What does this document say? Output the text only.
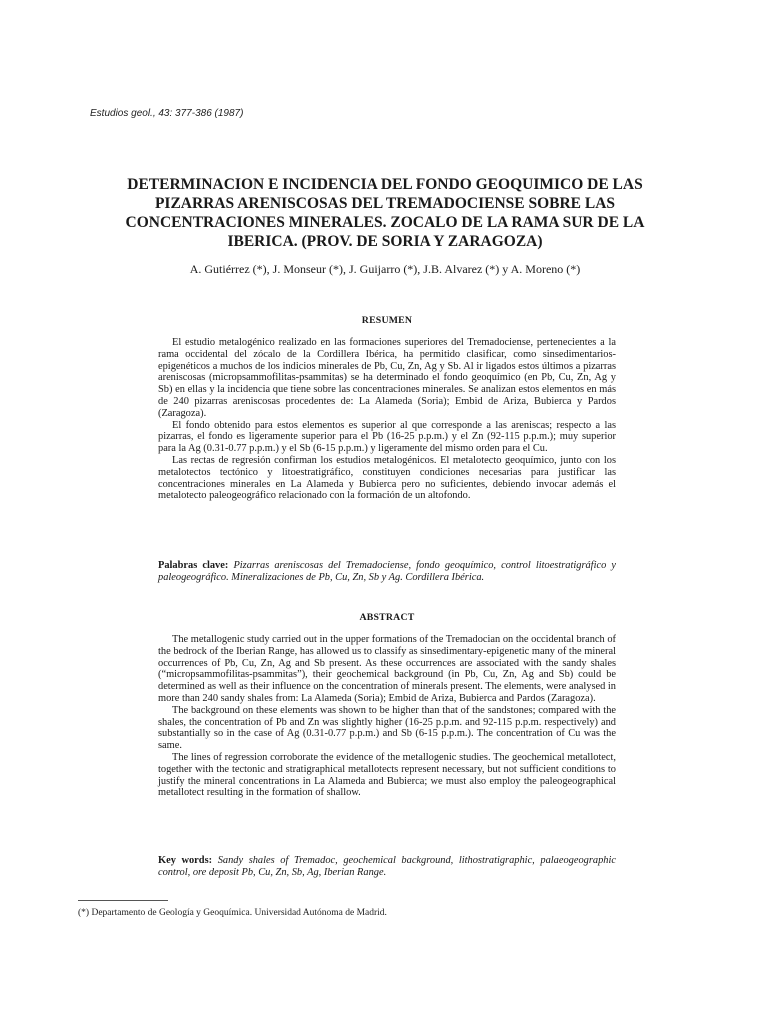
Estudios geol., 43: 377-386 (1987)
DETERMINACION E INCIDENCIA DEL FONDO GEOQUIMICO DE LAS PIZARRAS ARENISCOSAS DEL TREMADOCIENSE SOBRE LAS CONCENTRACIONES MINERALES. ZOCALO DE LA RAMA SUR DE LA IBERICA. (PROV. DE SORIA Y ZARAGOZA)
A. Gutiérrez (*), J. Monseur (*), J. Guijarro (*), J.B. Alvarez (*) y A. Moreno (*)
RESUMEN

El estudio metalogénico realizado en las formaciones superiores del Tremadociense, pertenecientes a la rama occidental del zócalo de la Cordillera Ibérica, ha permitido clasificar, como sinsedimentarios-epigenéticos a muchos de los indicios minerales de Pb, Cu, Zn, Ag y Sb. Al ir ligados estos últimos a pizarras areniscosas (micropsammofilitas-psammitas) se ha determinado el fondo geoquímico (en Pb, Cu, Zn, Ag y Sb) en ellas y la incidencia que tiene sobre las concentraciones minerales. Se analizan estos elementos en más de 240 pizarras areniscosas procedentes de: La Alameda (Soria); Embid de Ariza, Bubierca y Pardos (Zaragoza).

El fondo obtenido para estos elementos es superior al que corresponde a las areniscas; respecto a las pizarras, el fondo es ligeramente superior para el Pb (16-25 p.p.m.) y el Zn (92-115 p.p.m.); muy superior para la Ag (0.31-0.77 p.p.m.) y el Sb (6-15 p.p.m.) y ligeramente del mismo orden para el Cu.

Las rectas de regresión confirman los estudios metalogénicos. El metalotecto geoquímico, junto con los metalotectos tectónico y litoestratigráfico, constituyen condiciones necesarias para justificar las concentraciones minerales en La Alameda y Bubierca pero no suficientes, debiendo invocar además el metalotecto paleogeográfico relacionado con la formación de un altofondo.

Palabras clave: Pizarras areniscosas del Tremadociense, fondo geoquímico, control litoestratigráfico y paleogeográfico. Mineralizaciones de Pb, Cu, Zn, Sb y Ag. Cordillera Ibérica.
ABSTRACT

The metallogenic study carried out in the upper formations of the Tremadocian on the occidental branch of the bedrock of the Iberian Range, has allowed us to classify as sinsedimentary-epigenetic many of the mineral occurrences of Pb, Cu, Zn, Ag and Sb present. As these occurrences are associated with the sandy shales (“micropsammofilitas-psammitas”), their geochemical background (in Pb, Cu, Zn, Ag and Sb) could be determined as well as their influence on the concentration of minerals present. The elements, were analysed in more than 240 sandy shales from: La Alameda (Soria); Embid de Ariza, Bubierca and Pardos (Zaragoza).

The background on these elements was shown to be higher than that of the sandstones; compared with the shales, the concentration of Pb and Zn was slightly higher (16-25 p.p.m. and 92-115 p.p.m. respectively) and substantially so in the case of Ag (0.31-0.77 p.p.m.) and Sb (6-15 p.p.m.). The concentration of Cu was the same.

The lines of regression corroborate the evidence of the metallogenic studies. The geochemical metallotect, together with the tectonic and stratigraphical metallotects represent necessary, but not sufficient conditions to justify the mineral concentrations in La Alameda and Bubierca; we must also employ the paleogeographical metallotect resulting in the formation of shallow.

Key words: Sandy shales of Tremadoc, geochemical background, lithostratigraphic, palaeogeographic control, ore deposit Pb, Cu, Zn, Sb, Ag, Iberian Range.
(*) Departamento de Geología y Geoquímica. Universidad Autónoma de Madrid.
